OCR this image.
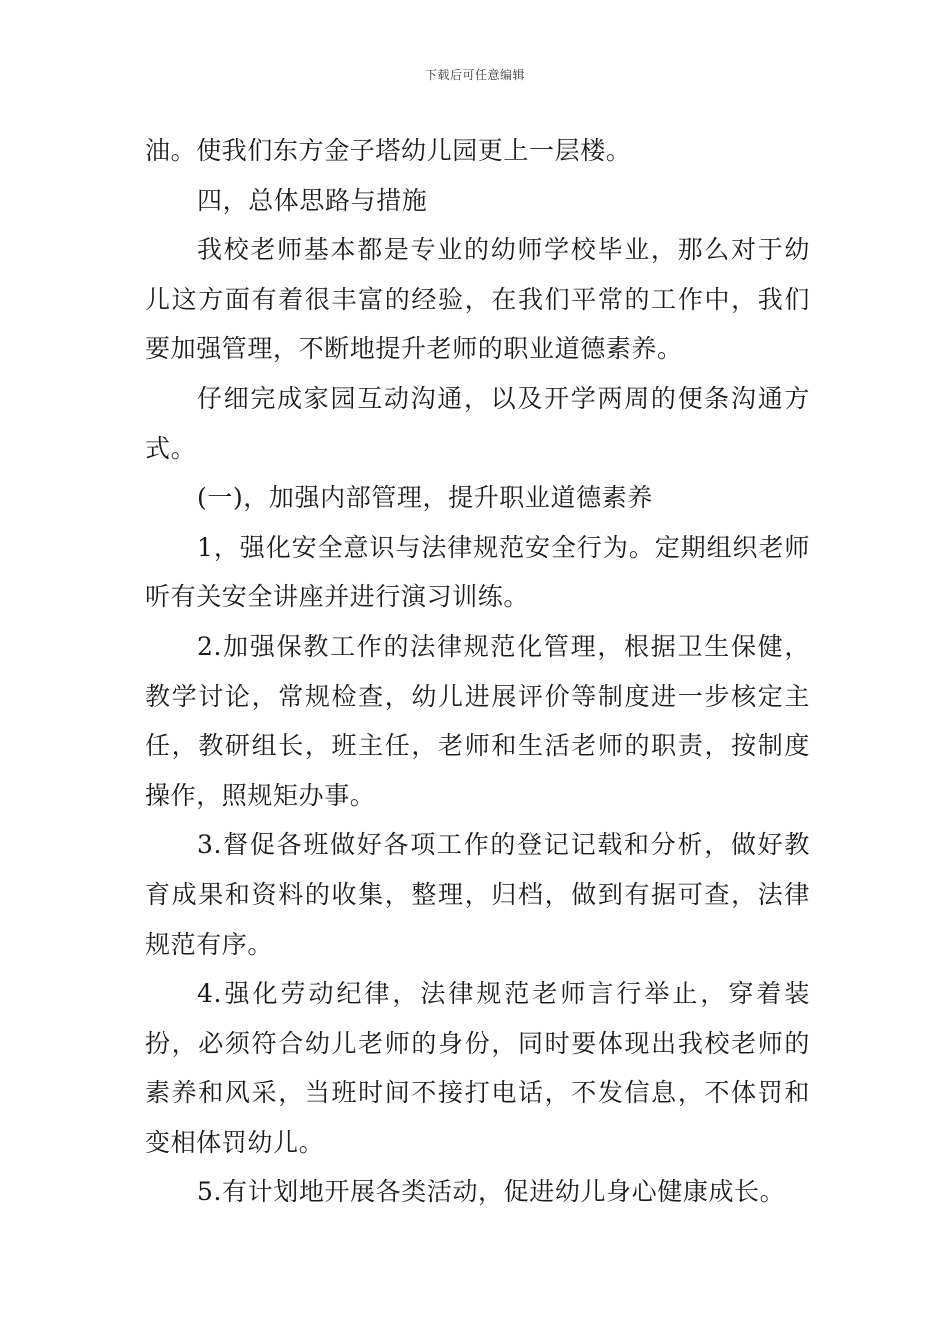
下载后可任意编辑

油。使我们东方金子塔幼儿园更上一层楼。

四，总体思路与措施

我校老师基本都是专业的幼师学校毕业，那么对于幼儿这方面有着很丰富的经验，在我们平常的工作中，我们要加强管理，不断地提升老师的职业道德素养。

仔细完成家园互动沟通，以及开学两周的便条沟通方式。

(一)，加强内部管理，提升职业道德素养

1，强化安全意识与法律规范安全行为。定期组织老师听有关安全讲座并进行演习训练。

2.加强保教工作的法律规范化管理，根据卫生保健，教学讨论，常规检查，幼儿进展评价等制度进一步核定主任，教研组长，班主任，老师和生活老师的职责，按制度操作，照规矩办事。

3.督促各班做好各项工作的登记记载和分析，做好教育成果和资料的收集，整理，归档，做到有据可查，法律规范有序。

4.强化劳动纪律，法律规范老师言行举止，穿着装扮，必须符合幼儿老师的身份，同时要体现出我校老师的素养和风采，当班时间不接打电话，不发信息，不体罚和变相体罚幼儿。

5.有计划地开展各类活动，促进幼儿身心健康成长。
